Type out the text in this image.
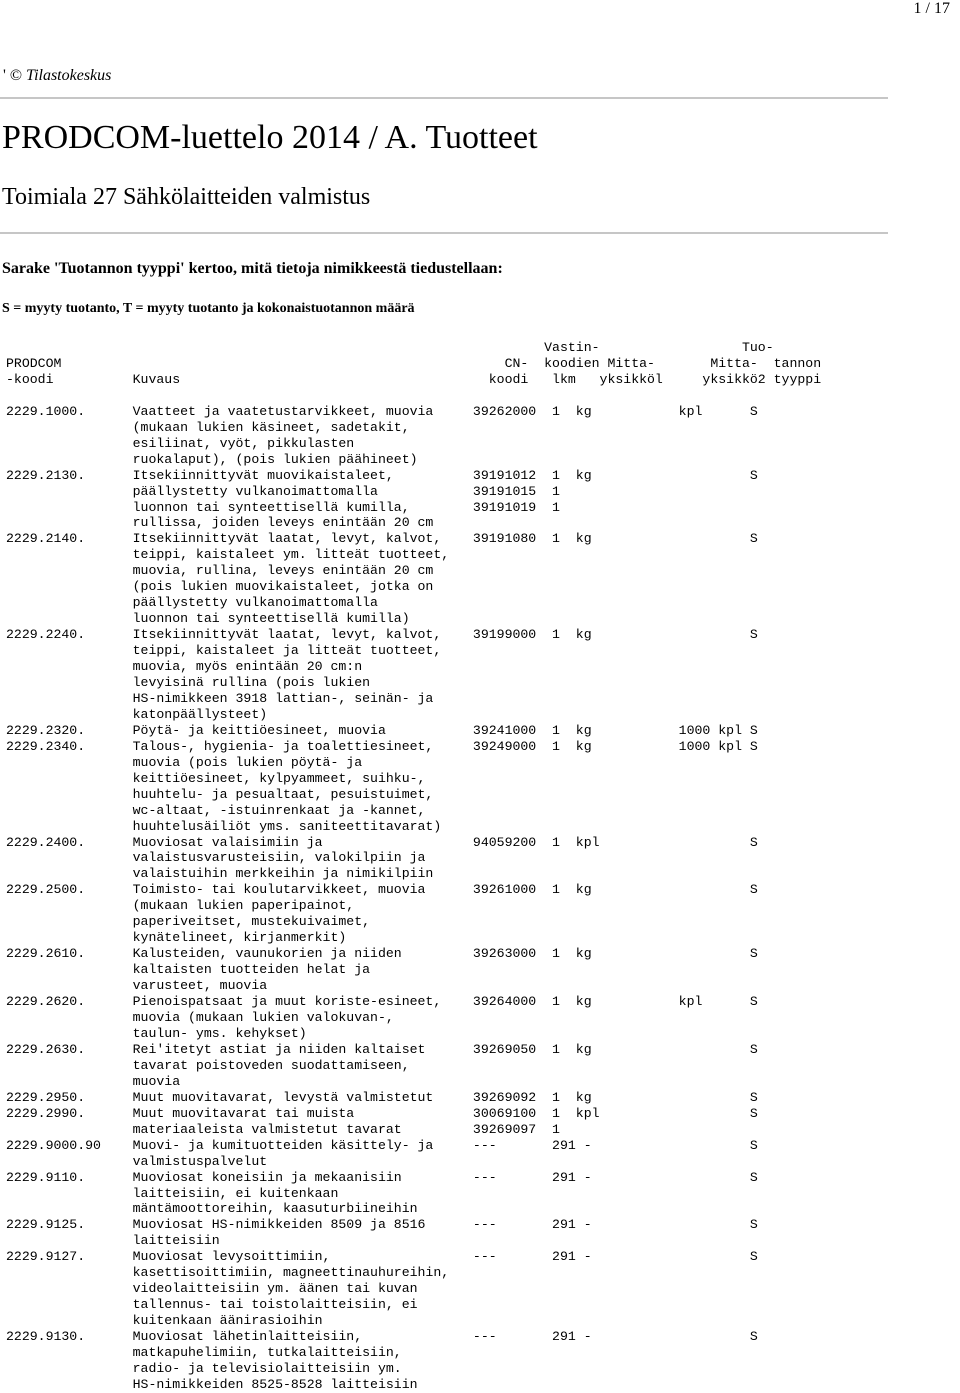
1 / 17
' © Tilastokeskus
PRODCOM-luettelo 2014 / A. Tuotteet
Toimiala 27 Sähkölaitteiden valmistus
Sarake 'Tuotannon tyyppi' kertoo, mitä tietoja nimikkeestä tiedustellaan:
S = myyty tuotanto, T = myyty tuotanto ja kokonaistuotannon määrä
Vastin-                  Tuo-
PRODCOM                                                        CN-  koodien Mitta-       Mitta-  tannon
-koodi          Kuvaus                                       koodi   lkm   yksikköl     yksikkö2 tyyppi

2229.1000.      Vaatteet ja vaatetustarvikkeet, muovia     39262000  1  kg           kpl      S
(mukaan lukien käsineet, sadetakit,
esiliinat, vyöt, pikkulasten
ruokalaput), (pois lukien päähineet)
2229.2130.      Itsekiinnittyvät muovikaistaleet,          39191012  1  kg                    S
päällystetty vulkanoimattomalla            39191015  1
luonnon tai synteettisellä kumilla,        39191019  1
rullissa, joiden leveys enintään 20 cm
2229.2140.      Itsekiinnittyvät laatat, levyt, kalvot,    39191080  1  kg                    S
teippi, kaistaleet ym. litteät tuotteet,
muovia, rullina, leveys enintään 20 cm
(pois lukien muovikaistaleet, jotka on
päällystetty vulkanoimattomalla
luonnon tai synteettisellä kumilla)
2229.2240.      Itsekiinnittyvät laatat, levyt, kalvot,    39199000  1  kg                    S
teippi, kaistaleet ja litteät tuotteet,
muovia, myös enintään 20 cm:n
levyisinä rullina (pois lukien
HS-nimikkeen 3918 lattian-, seinän- ja
katonpäällysteet)
2229.2320.      Pöytä- ja keittiöesineet, muovia           39241000  1  kg           1000 kpl S
2229.2340.      Talous-, hygienia- ja toalettiesineet,     39249000  1  kg           1000 kpl S
muovia (pois lukien pöytä- ja
keittiöesineet, kylpyammeet, suihku-,
huuhtelu- ja pesualtaat, pesuistuimet,
wc-altaat, -istuinrenkaat ja -kannet,
huuhtelusäiliöt yms. saniteettitavarat)
2229.2400.      Muoviosat valaisimiin ja                   94059200  1  kpl                   S
valaistusvarusteisiin, valokilpiin ja
valaistuihin merkkeihin ja nimikilpiin
2229.2500.      Toimisto- tai koulutarvikkeet, muovia      39261000  1  kg                    S
(mukaan lukien paperipainot,
paperiveitset, mustekuivaimet,
kynätelineet, kirjanmerkit)
2229.2610.      Kalusteiden, vaunukorien ja niiden         39263000  1  kg                    S
kaltaisten tuotteiden helat ja
varusteet, muovia
2229.2620.      Pienoispatsaat ja muut koriste-esineet,    39264000  1  kg           kpl      S
muovia (mukaan lukien valokuvan-,
taulun- yms. kehykset)
2229.2630.      Rei'itetyt astiat ja niiden kaltaiset      39269050  1  kg                    S
tavarat poistoveden suodattamiseen,
muovia
2229.2950.      Muut muovitavarat, levystä valmistetut     39269092  1  kg                    S
2229.2990.      Muut muovitavarat tai muista               30069100  1  kpl                   S
materiaaleista valmistetut tavarat         39269097  1
2229.9000.90    Muovi- ja kumituotteiden käsittely- ja     ---       291 -                    S
valmistuspalvelut
2229.9110.      Muoviosat koneisiin ja mekaanisiin         ---       291 -                    S
laitteisiin, ei kuitenkaan
mäntämoottoreihin, kaasuturbiineihin
2229.9125.      Muoviosat HS-nimikkeiden 8509 ja 8516      ---       291 -                    S
laitteisiin
2229.9127.      Muoviosat levysoittimiin,                  ---       291 -                    S
kasettisoittimiin, magneettinauhureihin,
videolaitteisiin ym. äänen tai kuvan
tallennus- tai toistolaitteisiin, ei
kuitenkaan äänirasioihin
2229.9130.      Muoviosat lähetinlaitteisiin,              ---       291 -                    S
matkapuhelimiin, tutkalaitteisiin,
radio- ja televisiolaitteisiin ym.
HS-nimikkeiden 8525-8528 laitteisiin
